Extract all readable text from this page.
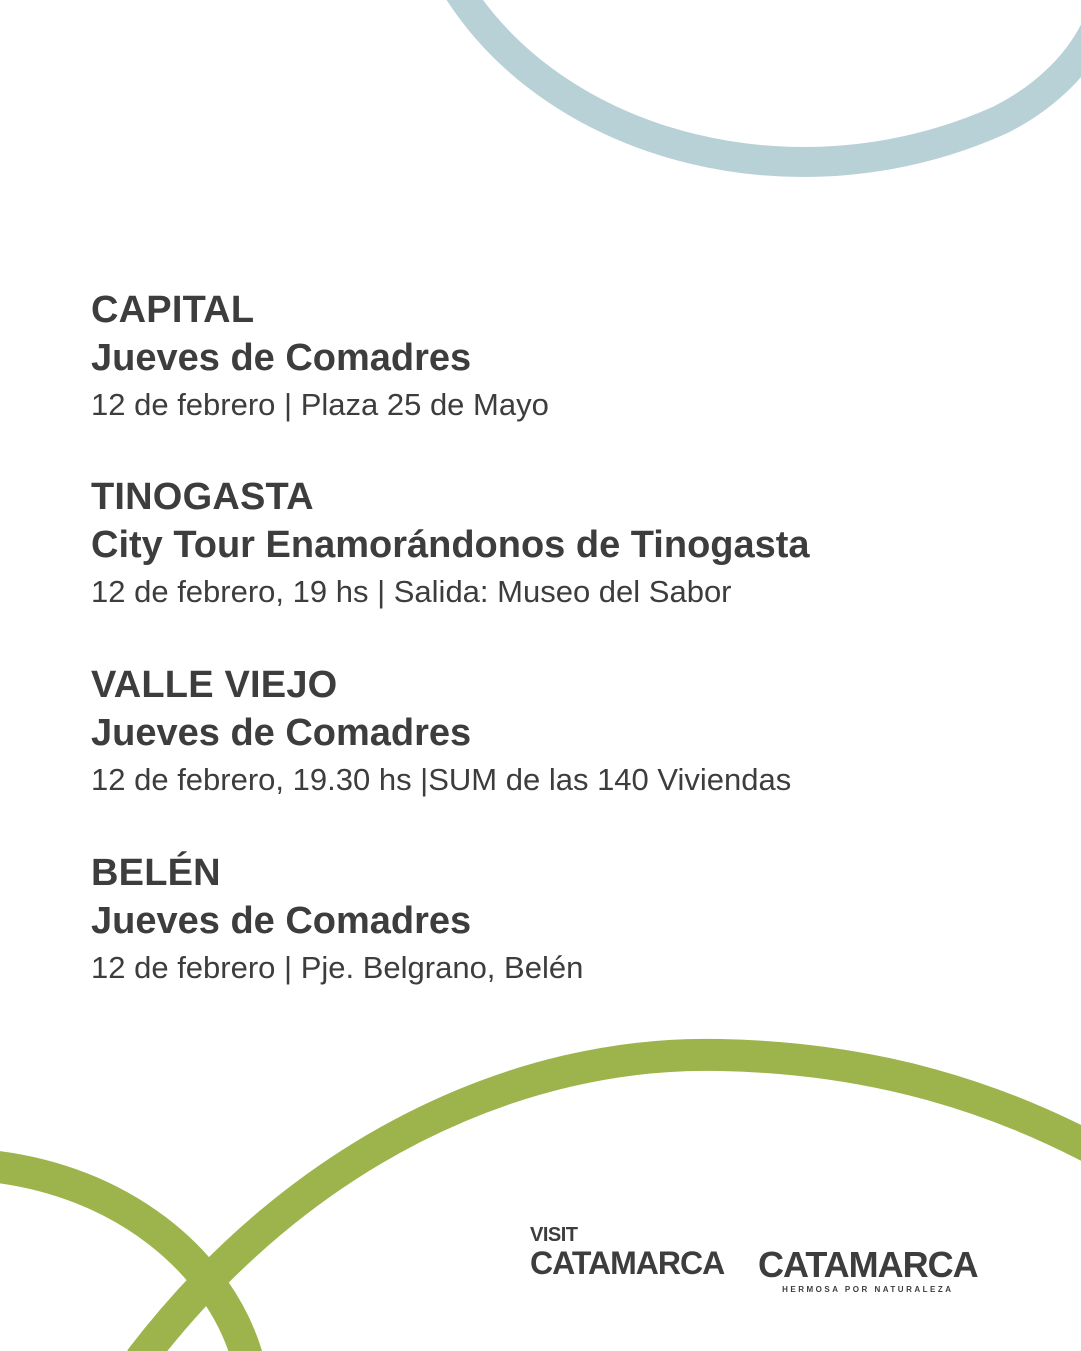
CAPITAL
Jueves de Comadres
12 de febrero | Plaza 25 de Mayo
TINOGASTA
City Tour Enamorándonos de Tinogasta
12 de febrero, 19 hs | Salida: Museo del Sabor
VALLE VIEJO
Jueves de Comadres
12 de febrero, 19.30 hs |SUM de las 140 Viviendas
BELÉN
Jueves de Comadres
12 de febrero | Pje. Belgrano, Belén
VISIT
CATAMARCA CATAMARCA
HERMOSA POR NATURALEZA
